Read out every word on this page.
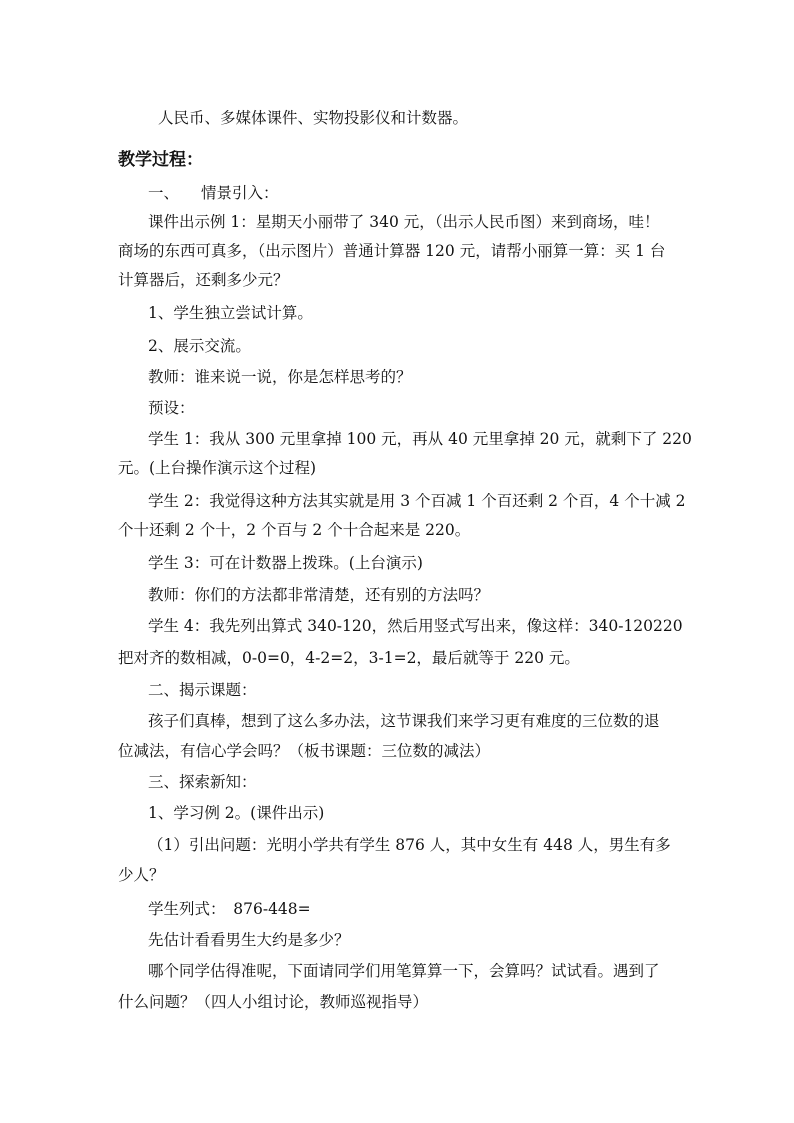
人民币、多媒体课件、实物投影仪和计数器。
教学过程：
一、 情景引入：
课件出示例 1：星期天小丽带了 340 元，（出示人民币图）来到商场，哇！
商场的东西可真多，（出示图片）普通计算器 120 元，请帮小丽算一算：买 1 台
计算器后，还剩多少元？
1、学生独立尝试计算。
2、展示交流。
教师：谁来说一说，你是怎样思考的？
预设：
学生 1：我从 300 元里拿掉 100 元，再从 40 元里拿掉 20 元，就剩下了 220
元。(上台操作演示这个过程)
学生 2：我觉得这种方法其实就是用 3 个百减 1 个百还剩 2 个百，4 个十减 2
个十还剩 2 个十，2 个百与 2 个十合起来是 220。
学生 3：可在计数器上拨珠。(上台演示)
教师：你们的方法都非常清楚，还有别的方法吗？
学生 4：我先列出算式 340-120，然后用竖式写出来，像这样：340-120220
把对齐的数相减，0-0=0，4-2=2，3-1=2，最后就等于 220 元。
二、揭示课题：
孩子们真棒，想到了这么多办法，这节课我们来学习更有难度的三位数的退
位减法，有信心学会吗？（板书课题：三位数的减法）
三、探索新知：
1、学习例 2。(课件出示)
（1）引出问题：光明小学共有学生 876 人，其中女生有 448 人，男生有多
少人？
学生列式：　876-448=
先估计看看男生大约是多少？
哪个同学估得准呢，下面请同学们用笔算算一下，会算吗？试试看。遇到了
什么问题？（四人小组讨论，教师巡视指导）
